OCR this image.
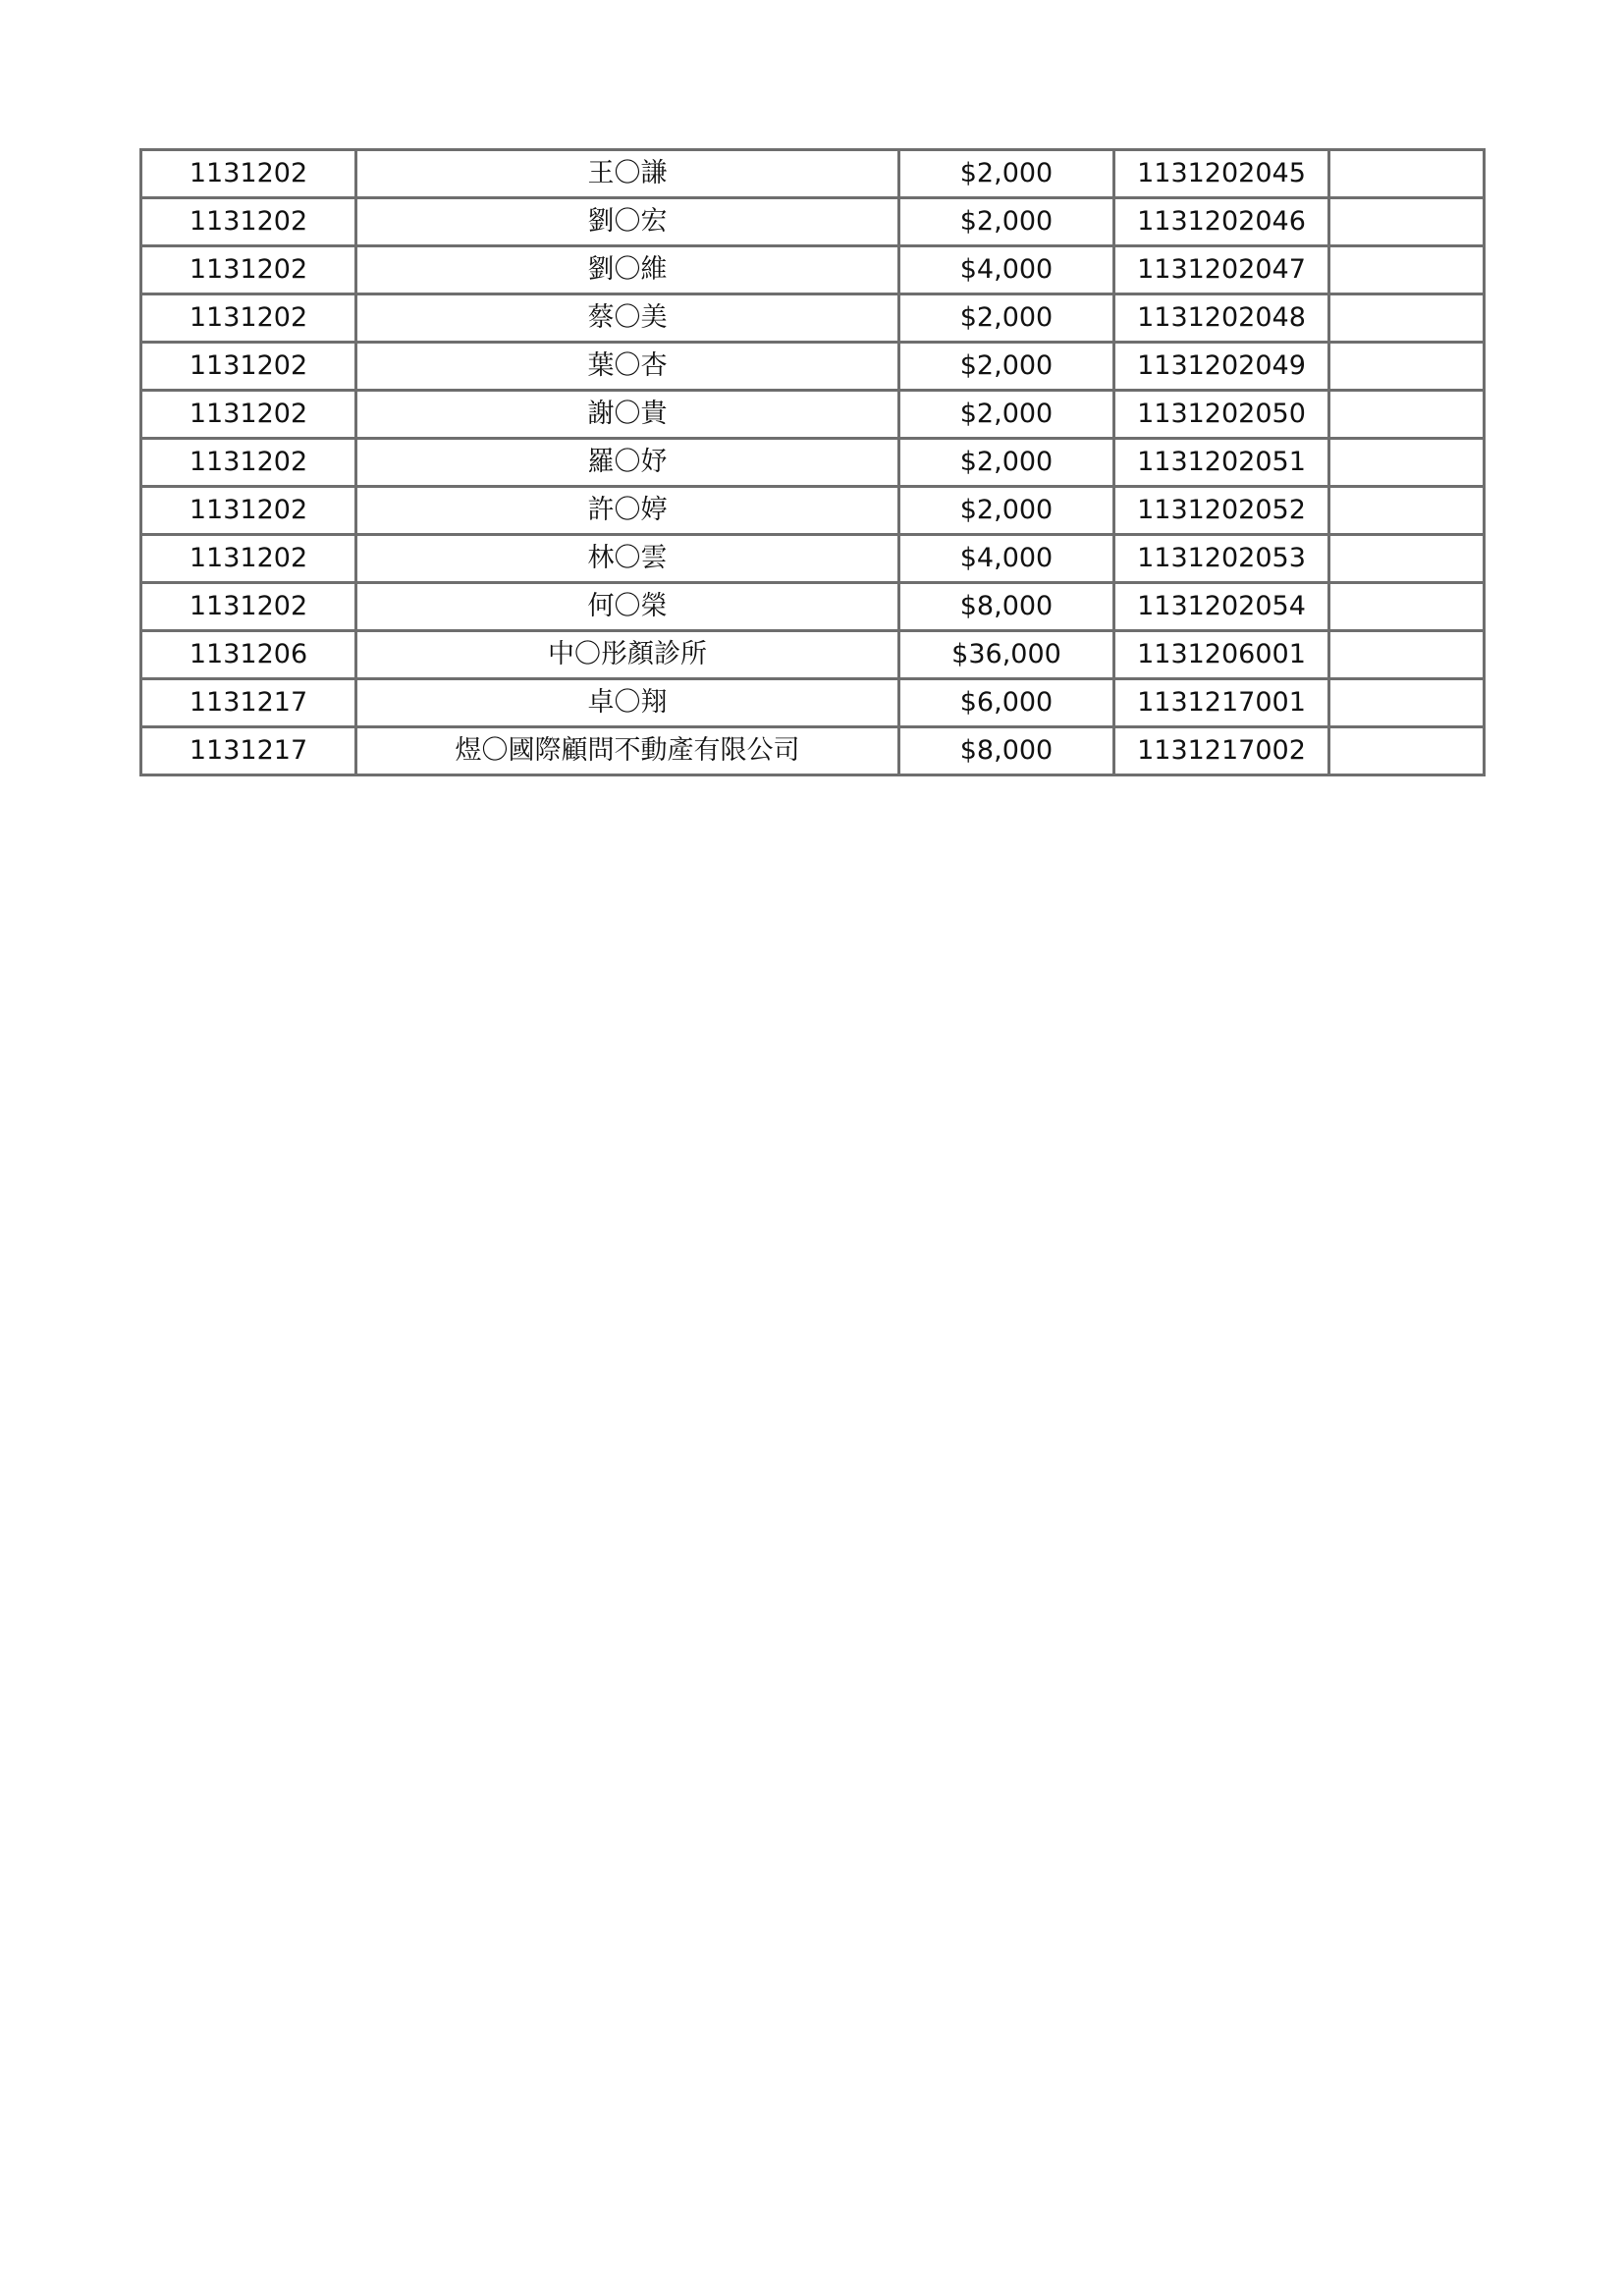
1131202	王〇謙	$2,000	1131202045	
1131202	劉〇宏	$2,000	1131202046	
1131202	劉〇維	$4,000	1131202047	
1131202	蔡〇美	$2,000	1131202048	
1131202	葉〇杏	$2,000	1131202049	
1131202	謝〇貴	$2,000	1131202050	
1131202	羅〇妤	$2,000	1131202051	
1131202	許〇婷	$2,000	1131202052	
1131202	林〇雲	$4,000	1131202053	
1131202	何〇榮	$8,000	1131202054	
1131206	中〇彤顏診所	$36,000	1131206001	
1131217	卓〇翔	$6,000	1131217001	
1131217	煜〇國際顧問不動產有限公司	$8,000	1131217002	
